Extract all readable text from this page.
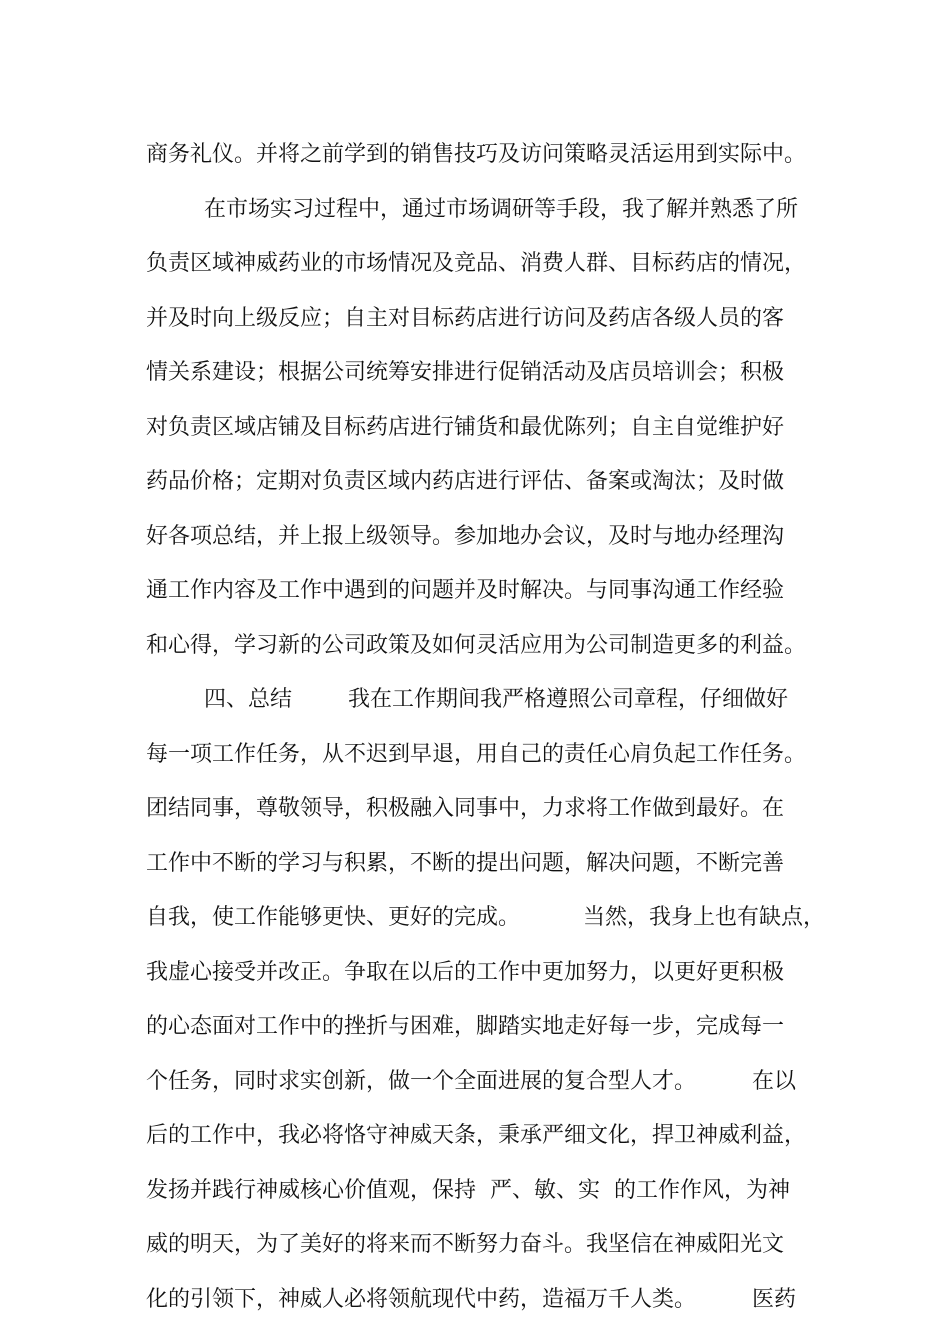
商务礼仪。并将之前学到的销售技巧及访问策略灵活运用到实际中。
在市场实习过程中，通过市场调研等手段，我了解并熟悉了所
负责区域神威药业的市场情况及竞品、消费人群、目标药店的情况，
并及时向上级反应；自主对目标药店进行访问及药店各级人员的客
情关系建设；根据公司统筹安排进行促销活动及店员培训会；积极
对负责区域店铺及目标药店进行铺货和最优陈列；自主自觉维护好
药品价格；定期对负责区域内药店进行评估、备案或淘汰；及时做
好各项总结，并上报上级领导。参加地办会议，及时与地办经理沟
通工作内容及工作中遇到的问题并及时解决。与同事沟通工作经验
和心得，学习新的公司政策及如何灵活应用为公司制造更多的利益。
四、总结        我在工作期间我严格遵照公司章程，仔细做好
每一项工作任务，从不迟到早退，用自己的责任心肩负起工作任务。
团结同事，尊敬领导，积极融入同事中，力求将工作做到最好。在
工作中不断的学习与积累，不断的提出问题，解决问题，不断完善
自我，使工作能够更快、更好的完成。         当然，我身上也有缺点，
我虚心接受并改正。争取在以后的工作中更加努力，以更好更积极
的心态面对工作中的挫折与困难，脚踏实地走好每一步，完成每一
个任务，同时求实创新，做一个全面进展的复合型人才。        在以
后的工作中，我必将恪守神威天条，秉承严细文化，捍卫神威利益，
发扬并践行神威核心价值观，保持  严、敏、实  的工作作风，为神
威的明天，为了美好的将来而不断努力奋斗。我坚信在神威阳光文
化的引领下，神威人必将领航现代中药，造福万千人类。        医药
